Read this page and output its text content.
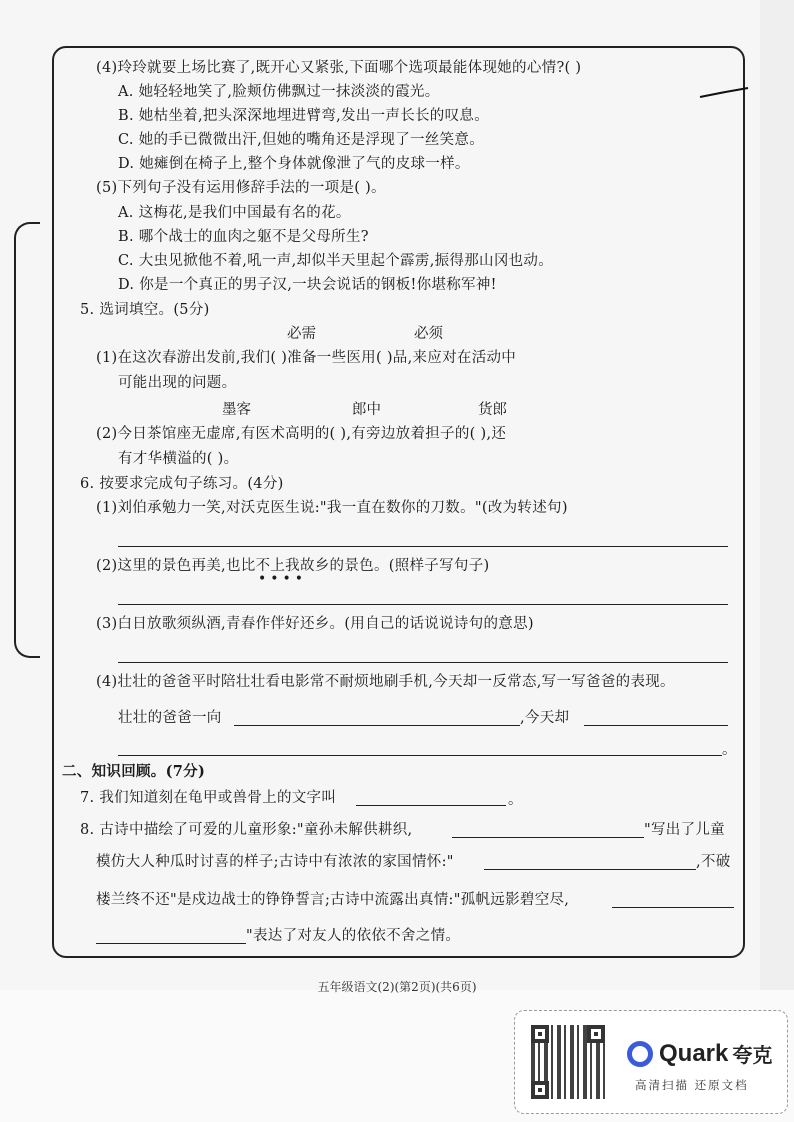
(4)玲玲就要上场比赛了,既开心又紧张,下面哪个选项最能体现她的心情?( )
A. 她轻轻地笑了,脸颊仿佛飘过一抹淡淡的霞光。
B. 她枯坐着,把头深深地埋进臂弯,发出一声长长的叹息。
C. 她的手已微微出汗,但她的嘴角还是浮现了一丝笑意。
D. 她瘫倒在椅子上,整个身体就像泄了气的皮球一样。
(5)下列句子没有运用修辞手法的一项是( )。
A. 这梅花,是我们中国最有名的花。
B. 哪个战士的血肉之躯不是父母所生?
C. 大虫见掀他不着,吼一声,却似半天里起个霹雳,振得那山冈也动。
D. 你是一个真正的男子汉,一块会说话的钢板!你堪称军神!
5. 选词填空。(5分)
必需	必须
(1)在这次春游出发前,我们( )准备一些医用( )品,来应对在活动中
可能出现的问题。
墨客	郎中	货郎
(2)今日茶馆座无虚席,有医术高明的( ),有旁边放着担子的( ),还
有才华横溢的( )。
6. 按要求完成句子练习。(4分)
(1)刘伯承勉力一笑,对沃克医生说:"我一直在数你的刀数。"(改为转述句)
(2)这里的景色再美,也比不上我故乡的景色。(照样子写句子)
••••
(3)白日放歌须纵酒,青春作伴好还乡。(用自己的话说说诗句的意思)
(4)壮壮的爸爸平时陪壮壮看电影常不耐烦地刷手机,今天却一反常态,写一写爸爸的表现。
壮壮的爸爸一向	,今天却
。
二、知识回顾。(7分)
7. 我们知道刻在龟甲或兽骨上的文字叫	。
8. 古诗中描绘了可爱的儿童形象:"童孙未解供耕织,	"写出了儿童
模仿大人种瓜时讨喜的样子;古诗中有浓浓的家国情怀:"	,不破
楼兰终不还"是戍边战士的铮铮誓言;古诗中流露出真情:"孤帆远影碧空尽,
"表达了对友人的依依不舍之情。
五年级语文(2)(第2页)(共6页)
Quark 夸克
高清扫描 还原文档
